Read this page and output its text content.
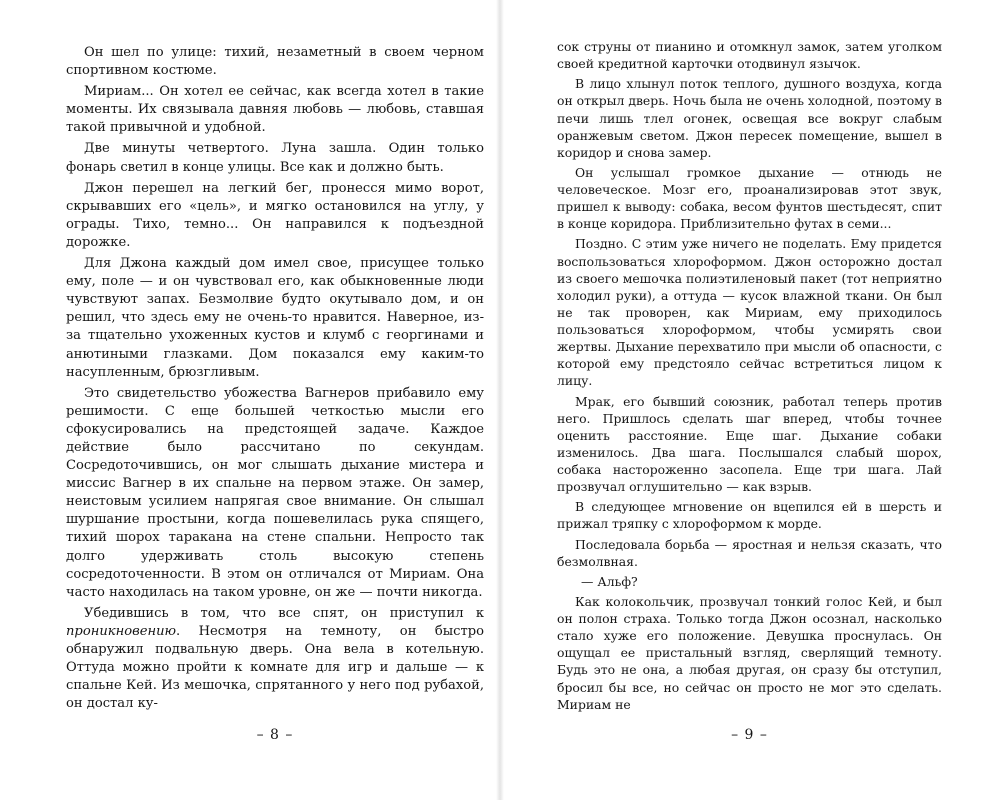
Он шел по улице: тихий, незаметный в своем черном спортивном костюме.

Мириам... Он хотел ее сейчас, как всегда хотел в такие моменты. Их связывала давняя любовь — любовь, ставшая такой привычной и удобной.

Две минуты четвертого. Луна зашла. Один только фонарь светил в конце улицы. Все как и должно быть.

Джон перешел на легкий бег, пронесся мимо ворот, скрывавших его «цель», и мягко остановился на углу, у ограды. Тихо, темно... Он направился к подъездной дорожке.

Для Джона каждый дом имел свое, присущее только ему, поле — и он чувствовал его, как обыкновенные люди чувствуют запах. Безмолвие будто окутывало дом, и он решил, что здесь ему не очень-то нравится. Наверное, из-за тщательно ухоженных кустов и клумб с георгинами и анютиными глазками. Дом показался ему каким-то насупленным, брюзгливым.

Это свидетельство убожества Вагнеров прибавило ему решимости. С еще большей четкостью мысли его сфокусировались на предстоящей задаче. Каждое действие было рассчитано по секундам. Сосредоточившись, он мог слышать дыхание мистера и миссис Вагнер в их спальне на первом этаже. Он замер, неистовым усилием напрягая свое внимание. Он слышал шуршание простыни, когда пошевелилась рука спящего, тихий шорох таракана на стене спальни. Непросто так долго удерживать столь высокую степень сосредоточенности. В этом он отличался от Мириам. Она часто находилась на таком уровне, он же — почти никогда.

Убедившись в том, что все спят, он приступил к проникновению. Несмотря на темноту, он быстро обнаружил подвальную дверь. Она вела в котельную. Оттуда можно пройти к комнате для игр и дальше — к спальне Кей. Из мешочка, спрятанного у него под рубахой, он достал ку-

– 8 –

сок струны от пианино и отомкнул замок, затем уголком своей кредитной карточки отодвинул язычок.

В лицо хлынул поток теплого, душного воздуха, когда он открыл дверь. Ночь была не очень холодной, поэтому в печи лишь тлел огонек, освещая все вокруг слабым оранжевым светом. Джон пересек помещение, вышел в коридор и снова замер.

Он услышал громкое дыхание — отнюдь не человеческое. Мозг его, проанализировав этот звук, пришел к выводу: собака, весом фунтов шестьдесят, спит в конце коридора. Приблизительно футах в семи...

Поздно. С этим уже ничего не поделать. Ему придется воспользоваться хлороформом. Джон осторожно достал из своего мешочка полиэтиленовый пакет (тот неприятно холодил руки), а оттуда — кусок влажной ткани. Он был не так проворен, как Мириам, ему приходилось пользоваться хлороформом, чтобы усмирять свои жертвы. Дыхание перехватило при мысли об опасности, с которой ему предстояло сейчас встретиться лицом к лицу.

Мрак, его бывший союзник, работал теперь против него. Пришлось сделать шаг вперед, чтобы точнее оценить расстояние. Еще шаг. Дыхание собаки изменилось. Два шага. Послышался слабый шорох, собака настороженно засопела. Еще три шага. Лай прозвучал оглушительно — как взрыв.

В следующее мгновение он вцепился ей в шерсть и прижал тряпку с хлороформом к морде.

Последовала борьба — яростная и нельзя сказать, что безмолвная.

— Альф?

Как колокольчик, прозвучал тонкий голос Кей, и был он полон страха. Только тогда Джон осознал, насколько стало хуже его положение. Девушка проснулась. Он ощущал ее пристальный взгляд, сверлящий темноту. Будь это не она, а любая другая, он сразу бы отступил, бросил бы все, но сейчас он просто не мог это сделать. Мириам не

– 9 –
